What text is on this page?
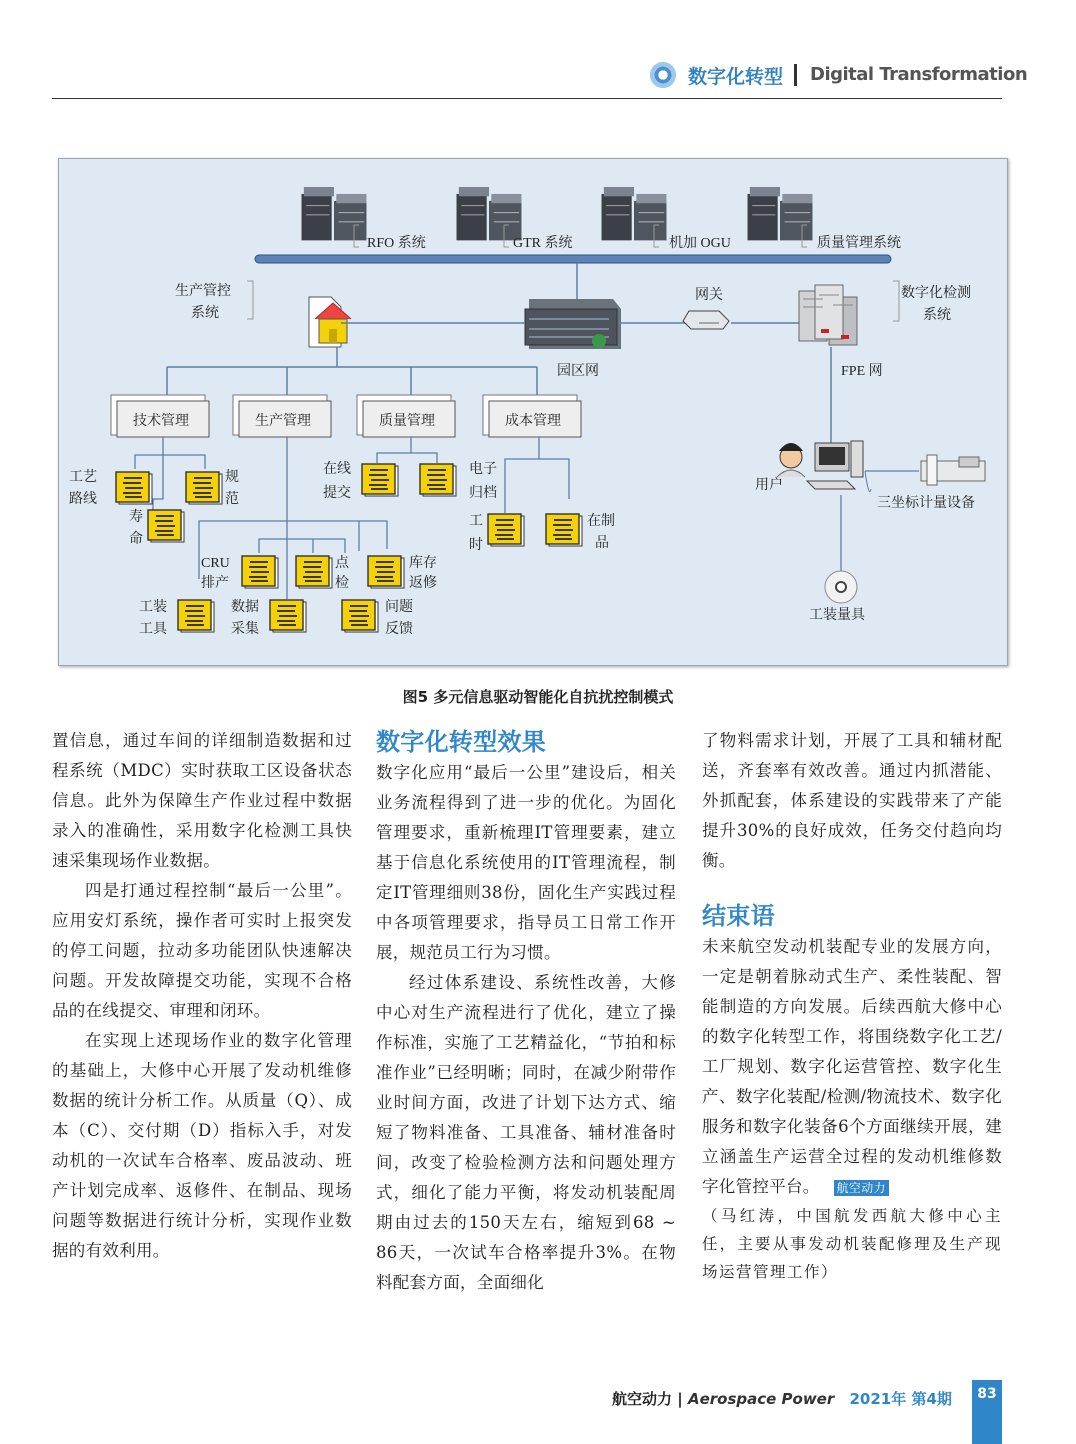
数字化转型 Digital Transformation
RFO 系统	GTR 系统	机加 OGU	质量管理系统
生产管控
系统
园区网
网关	数字化检测
系统
FPE 网
技术管理	生产管理	质量管理	成本管理
工艺
路线
规
范
寿
命
在线
提交
电子
归档
工
时
在制
品
CRU
排产
点
检
库存
返修
工装
工具
数据
采集
问题
反馈
用户
三坐标计量设备
工装量具
图5 多元信息驱动智能化自抗扰控制模式

置信息，通过车间的详细制造数据和过程系统（MDC）实时获取工区设备状态信息。此外为保障生产作业过程中数据录入的准确性，采用数字化检测工具快速采集现场作业数据。

四是打通过程控制“最后一公里”。应用安灯系统，操作者可实时上报突发的停工问题，拉动多功能团队快速解决问题。开发故障提交功能，实现不合格品的在线提交、审理和闭环。

在实现上述现场作业的数字化管理的基础上，大修中心开展了发动机维修数据的统计分析工作。从质量（Q）、成本（C）、交付期（D）指标入手，对发动机的一次试车合格率、废品波动、班产计划完成率、返修件、在制品、现场问题等数据进行统计分析，实现作业数据的有效利用。

数字化转型效果

数字化应用“最后一公里”建设后，相关业务流程得到了进一步的优化。为固化管理要求，重新梳理IT管理要素，建立基于信息化系统使用的IT管理流程，制定IT管理细则38份，固化生产实践过程中各项管理要求，指导员工日常工作开展，规范员工行为习惯。

经过体系建设、系统性改善，大修中心对生产流程进行了优化，建立了操作标准，实施了工艺精益化，“节拍和标准作业”已经明晰；同时，在减少附带作业时间方面，改进了计划下达方式、缩短了物料准备、工具准备、辅材准备时间，改变了检验检测方法和问题处理方式，细化了能力平衡，将发动机装配周期由过去的150天左右，缩短到68 ~ 86天，一次试车合格率提升3%。在物料配套方面，全面细化

了物料需求计划，开展了工具和辅材配送，齐套率有效改善。通过内抓潜能、外抓配套，体系建设的实践带来了产能提升30%的良好成效，任务交付趋向均衡。

结束语

未来航空发动机装配专业的发展方向，一定是朝着脉动式生产、柔性装配、智能制造的方向发展。后续西航大修中心的数字化转型工作，将围绕数字化工艺/工厂规划、数字化运营管控、数字化生产、数字化装配/检测/物流技术、数字化服务和数字化装备6个方面继续开展，建立涵盖生产运营全过程的发动机维修数字化管控平台。 航空动力

（马红涛，中国航发西航大修中心主任，主要从事发动机装配修理及生产现场运营管理工作）

航空动力 | Aerospace Power 2021年 第4期	83
